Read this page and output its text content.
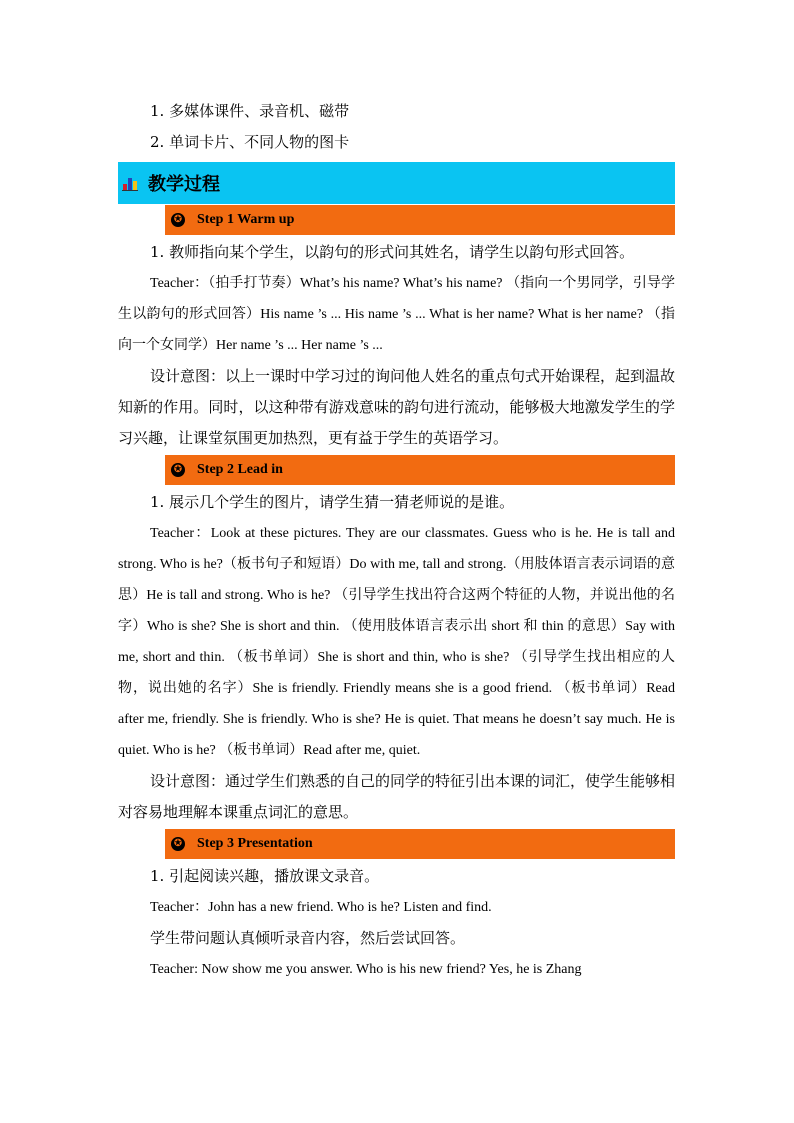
1. 多媒体课件、录音机、磁带
2. 单词卡片、不同人物的图卡
教学过程
✪ Step 1 Warm up
1. 教师指向某个学生，以韵句的形式问其姓名，请学生以韵句形式回答。
Teacher：（拍手打节奏）What’s his name? What’s his name? （指向一个男同学，引导学生以韵句的形式回答）His name ’s ... His name ’s ... What is her name? What is her name? （指向一个女同学）Her name ’s ... Her name ’s ...
设计意图：以上一课时中学习过的询问他人姓名的重点句式开始课程，起到温故知新的作用。同时，以这种带有游戏意味的韵句进行流动，能够极大地激发学生的学习兴趣，让课堂氛围更加热烈，更有益于学生的英语学习。
✪ Step 2 Lead in
1. 展示几个学生的图片，请学生猜一猜老师说的是谁。
Teacher：Look at these pictures. They are our classmates. Guess who is he. He is tall and strong. Who is he?（板书句子和短语）Do with me, tall and strong.（用肢体语言表示词语的意思）He is tall and strong. Who is he? （引导学生找出符合这两个特征的人物，并说出他的名字）Who is she? She is short and thin. （使用肢体语言表示出 short 和 thin 的意思）Say with me, short and thin. （板书单词）She is short and thin, who is she? （引导学生找出相应的人物，说出她的名字）She is friendly. Friendly means she is a good friend. （板书单词）Read after me, friendly. She is friendly. Who is she? He is quiet. That means he doesn’t say much. He is quiet. Who is he? （板书单词）Read after me, quiet.
设计意图：通过学生们熟悉的自己的同学的特征引出本课的词汇，使学生能够相对容易地理解本课重点词汇的意思。
✪ Step 3 Presentation
1. 引起阅读兴趣，播放课文录音。
Teacher：John has a new friend. Who is he? Listen and find.
学生带问题认真倾听录音内容，然后尝试回答。
Teacher: Now show me you answer. Who is his new friend? Yes, he is Zhang
